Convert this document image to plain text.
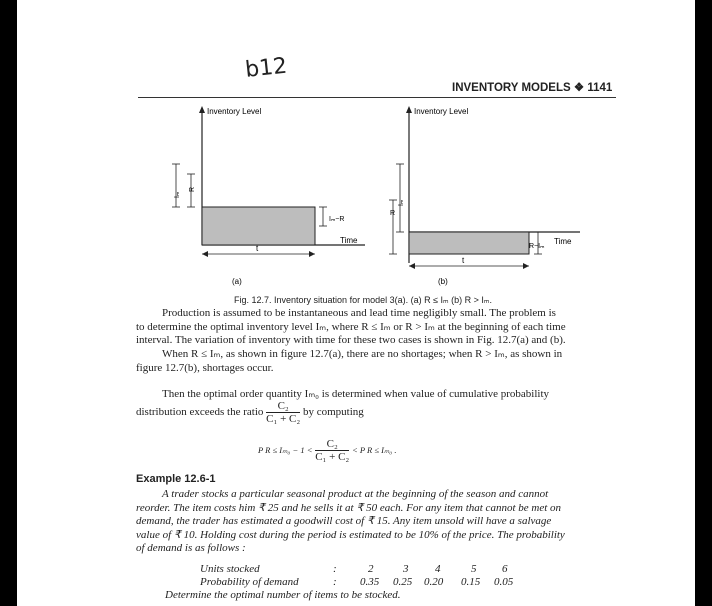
b12
INVENTORY MODELS ❖ 1141
Inventory Level
Iₘ
R
Iₘ−R
Time
t
(a)
Inventory Level
Iₘ
R
R−Iₘ
Time
t
(b)
Fig. 12.7. Inventory situation for model 3(a). (a) R ≤ Iₘ (b) R > Iₘ.
Production is assumed to be instantaneous and lead time negligibly small. The problem is
to determine the optimal inventory level Iₘ, where R ≤ Iₘ or R > Iₘ at the beginning of each time
interval. The variation of inventory with time for these two cases is shown in Fig. 12.7(a) and (b).
When R ≤ Iₘ, as shown in figure 12.7(a), there are no shortages; when R > Iₘ, as shown in
figure 12.7(b), shortages occur.
Then the optimal order quantity Iₘ₀ is determined when value of cumulative probability
distribution exceeds the ratio $\frac{\text{C₂}}{\text{C₁ + C₂}}$ by computing
P $R \le I_{m0} - 1 < \frac{\text{C₂}}{\text{C₁ + C₂}} < P$ R ≤ Iₘ₀ .
Example 12.6-1
A trader stocks a particular seasonal product at the beginning of the season and cannot
reorder. The item costs him ₹ 25 and he sells it at ₹ 50 each. For any item that cannot be met on
demand, the trader has estimated a goodwill cost of ₹ 15. Any item unsold will have a salvage
value of ₹ 10. Holding cost during the period is estimated to be 10% of the price. The probability
of demand is as follows :
Units stocked
Probability of demand
:
:
2	3 4	5 6
0.35 0.25 0.20 0.15 0.05
Determine the optimal number of items to be stocked.
